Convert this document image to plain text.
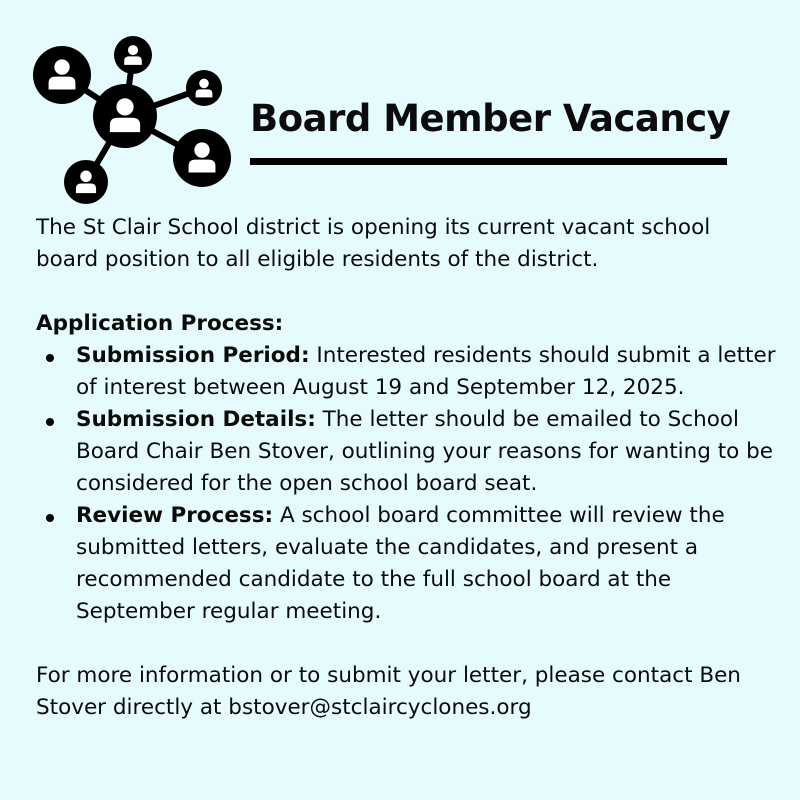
Board Member Vacancy

The St Clair School district is opening its current vacant school board position to all eligible residents of the district.

Application Process:

Submission Period: Interested residents should submit a letter of interest between August 19 and September 12, 2025.
Submission Details: The letter should be emailed to School Board Chair Ben Stover, outlining your reasons for wanting to be considered for the open school board seat.
Review Process: A school board committee will review the submitted letters, evaluate the candidates, and present a recommended candidate to the full school board at the September regular meeting.

For more information or to submit your letter, please contact Ben Stover directly at bstover@stclaircyclones.org
